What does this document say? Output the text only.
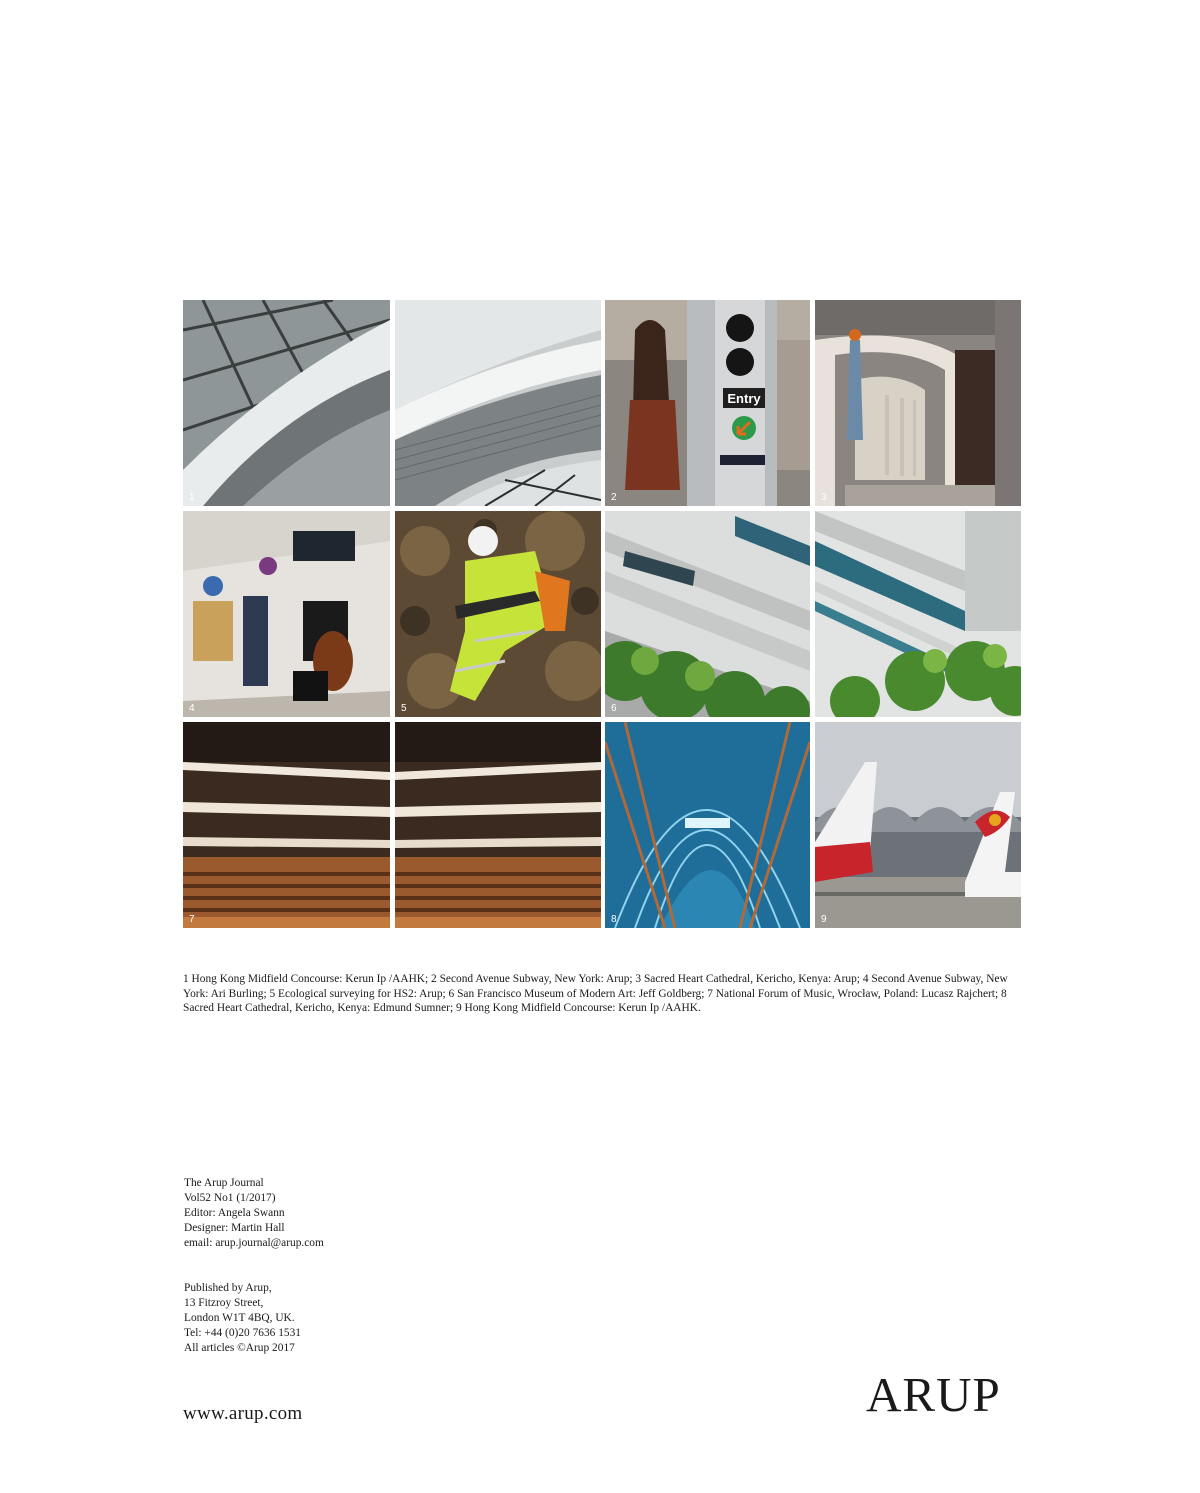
1
Entry
2	3
4	5	6
7	8	9

1 Hong Kong Midfield Concourse: Kerun Ip /AAHK; 2 Second Avenue Subway, New York: Arup; 3 Sacred Heart Cathedral, Kericho, Kenya: Arup; 4 Second Avenue Subway, New York: Ari Burling; 5 Ecological surveying for HS2: Arup; 6 San Francisco Museum of Modern Art: Jeff Goldberg; 7 National Forum of Music, Wrocław, Poland: Lucasz Rajchert; 8 Sacred Heart Cathedral, Kericho, Kenya: Edmund Sumner; 9 Hong Kong Midfield Concourse: Kerun Ip /AAHK.

The Arup Journal
Vol52 No1 (1/2017)
Editor: Angela Swann
Designer: Martin Hall
email: arup.journal@arup.com
Published by Arup,
13 Fitzroy Street,
London W1T 4BQ, UK.
Tel: +44 (0)20 7636 1531
All articles ©Arup 2017
www.arup.com	ARUP
